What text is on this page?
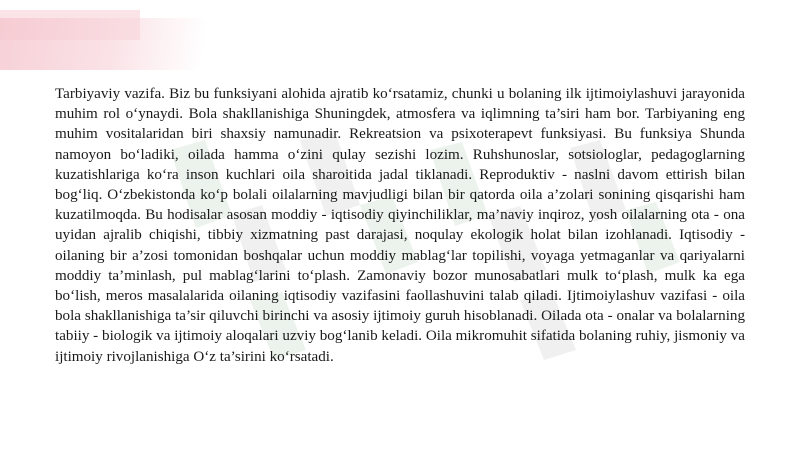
Tarbiyaviy vazifa. Biz bu funksiyani alohida ajratib ko‘rsatamiz, chunki u bolaning ilk ijtimoiylashuvi jarayonida muhim rol o‘ynaydi. Bola shakllanishiga Shuningdek, atmosfera va iqlimning ta’siri ham bor. Tarbiyaning eng muhim vositalaridan biri shaxsiy namunadir. Rekreatsion va psixoterapevt funksiyasi. Bu funksiya Shunda namoyon bo‘ladiki, oilada hamma o‘zini qulay sezishi lozim. Ruhshunoslar, sotsiologlar, pedagoglarning kuzatishlariga ko‘ra inson kuchlari oila sharoitida jadal tiklanadi. Reproduktiv - naslni davom ettirish bilan bog‘liq. O‘zbekistonda ko‘p bolali oilalarning mavjudligi bilan bir qatorda oila a’zolari sonining qisqarishi ham kuzatilmoqda. Bu hodisalar asosan moddiy - iqtisodiy qiyinchiliklar, ma’naviy inqiroz, yosh oilalarning ota - ona uyidan ajralib chiqishi, tibbiy xizmatning past darajasi, noqulay ekologik holat bilan izohlanadi. Iqtisodiy - oilaning bir a’zosi tomonidan boshqalar uchun moddiy mablag‘lar topilishi, voyaga yetmaganlar va qariyalarni moddiy ta’minlash, pul mablag‘larini to‘plash. Zamonaviy bozor munosabatlari mulk to‘plash, mulk ka ega bo‘lish, meros masalalarida oilaning iqtisodiy vazifasini faollashuvini talab qiladi. Ijtimoiylashuv vazifasi - oila bola shakllanishiga ta’sir qiluvchi birinchi va asosiy ijtimoiy guruh hisoblanadi. Oilada ota - onalar va bolalarning tabiiy - biologik va ijtimoiy aloqalari uzviy bog‘lanib keladi. Oila mikromuhit sifatida bolaning ruhiy, jismoniy va ijtimoiy rivojlanishiga O‘z ta’sirini ko‘rsatadi.
